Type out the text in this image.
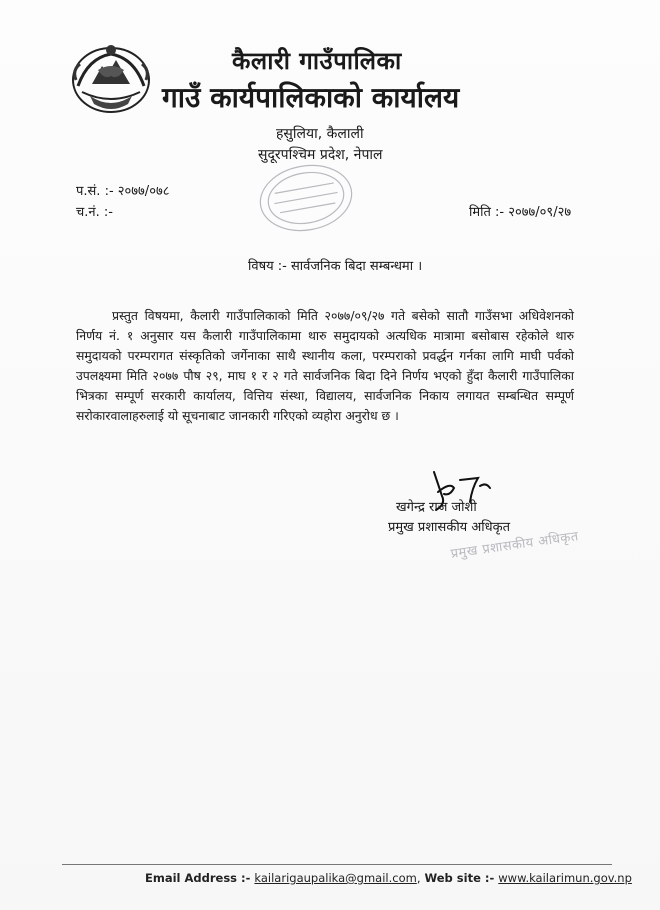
कैलारी गाउँपालिका
गाउँ कार्यपालिकाको कार्यालय
हसुलिया, कैलाली
सुदूरपश्चिम प्रदेश, नेपाल
प.सं. :- २०७७/०७८
च.नं. :-	मिति :- २०७७/०९/२७
विषय :- सार्वजनिक बिदा सम्बन्धमा ।
प्रस्तुत विषयमा, कैलारी गाउँपालिकाको मिति २०७७/०९/२७ गते बसेको सातौ गाउँसभा अधिवेशनको निर्णय नं. १ अनुसार यस कैलारी गाउँपालिकामा थारु समुदायको अत्यधिक मात्रामा बसोबास रहेकोले थारु समुदायको परम्परागत संस्कृतिको जर्गेनाका साथै स्थानीय कला, परम्पराको प्रवर्द्धन गर्नका लागि माघी पर्वको उपलक्ष्यमा मिति २०७७ पौष २९, माघ १ र २ गते सार्वजनिक बिदा दिने निर्णय भएको हुँदा कैलारी गाउँपालिका भित्रका सम्पूर्ण सरकारी कार्यालय, वित्तिय संस्था, विद्यालय, सार्वजनिक निकाय लगायत सम्बन्धित सम्पूर्ण सरोकारवालाहरुलाई यो सूचनाबाट जानकारी गरिएको व्यहोरा अनुरोध छ ।
खगेन्द्र राज जोशी
प्रमुख प्रशासकीय अधिकृत
प्रमुख प्रशासकीय अधिकृत
Email Address :- kailarigaupalika@gmail.com, Web site :- www.kailarimun.gov.np
